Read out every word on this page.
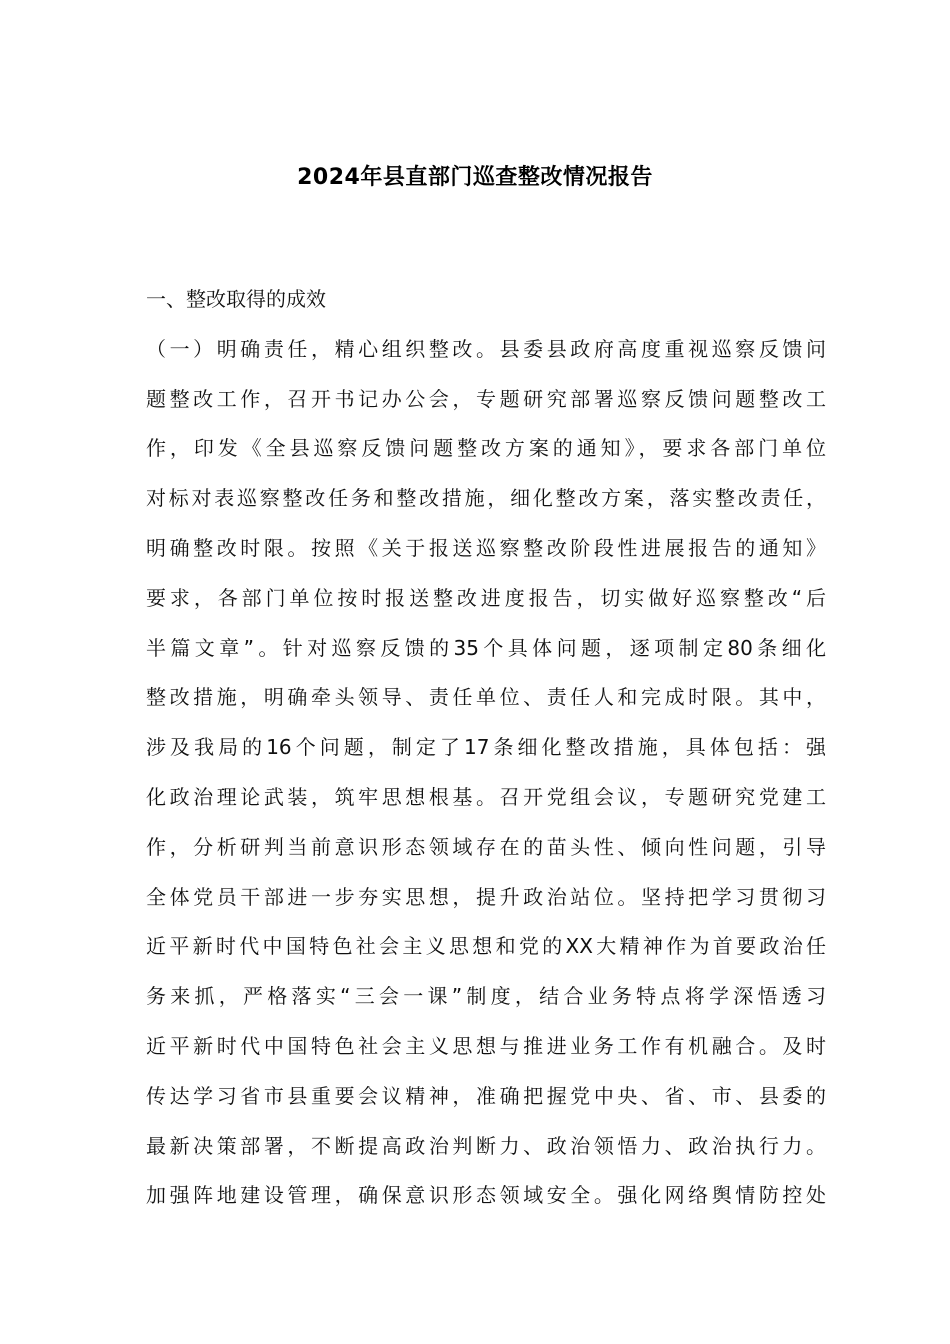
2024年县直部门巡查整改情况报告
一、整改取得的成效
（一）明确责任，精心组织整改。县委县政府高度重视巡察反馈问
题整改工作，召开书记办公会，专题研究部署巡察反馈问题整改工
作，印发《全县巡察反馈问题整改方案的通知》，要求各部门单位
对标对表巡察整改任务和整改措施，细化整改方案，落实整改责任，
明确整改时限。按照《关于报送巡察整改阶段性进展报告的通知》
要求，各部门单位按时报送整改进度报告，切实做好巡察整改“后
半篇文章”。针对巡察反馈的35个具体问题，逐项制定80条细化
整改措施，明确牵头领导、责任单位、责任人和完成时限。其中，
涉及我局的16个问题，制定了17条细化整改措施，具体包括：强
化政治理论武装，筑牢思想根基。召开党组会议，专题研究党建工
作，分析研判当前意识形态领域存在的苗头性、倾向性问题，引导
全体党员干部进一步夯实思想，提升政治站位。坚持把学习贯彻习
近平新时代中国特色社会主义思想和党的XX大精神作为首要政治任
务来抓，严格落实“三会一课”制度，结合业务特点将学深悟透习
近平新时代中国特色社会主义思想与推进业务工作有机融合。及时
传达学习省市县重要会议精神，准确把握党中央、省、市、县委的
最新决策部署，不断提高政治判断力、政治领悟力、政治执行力。
加强阵地建设管理，确保意识形态领域安全。强化网络舆情防控处
